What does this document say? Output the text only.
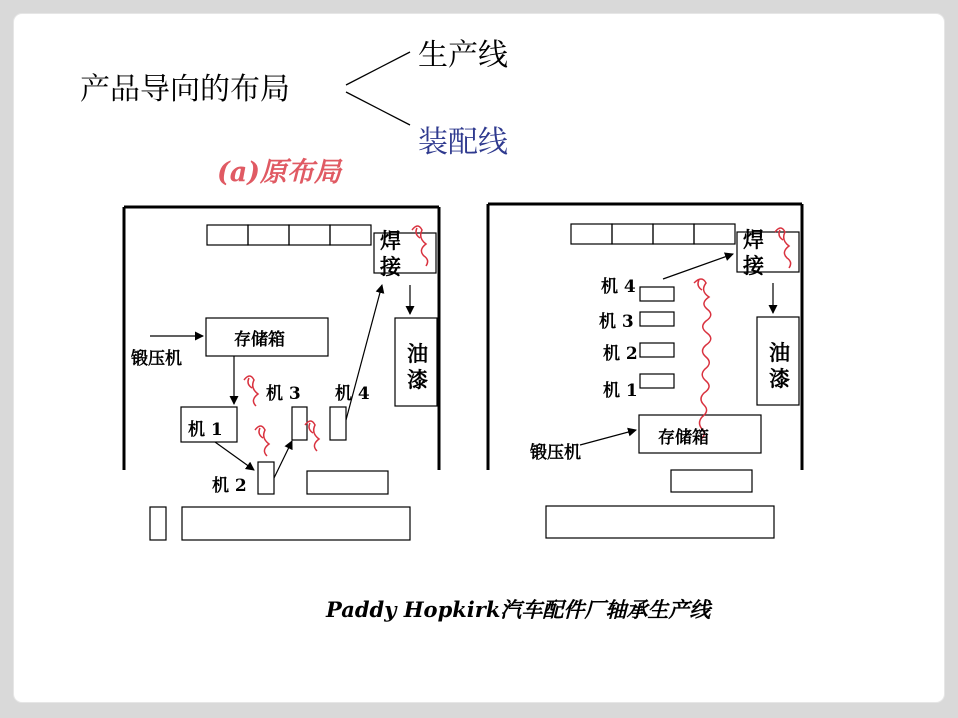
产品导向的布局
生产线
装配线
(a)原布局
焊接
油漆
存储箱
锻压机
机 1
机 2
机 3 机 4
焊接
油漆
存储箱
锻压机
机 4
机 3
机 2
机 1
Paddy Hopkirk汽车配件厂轴承生产线
